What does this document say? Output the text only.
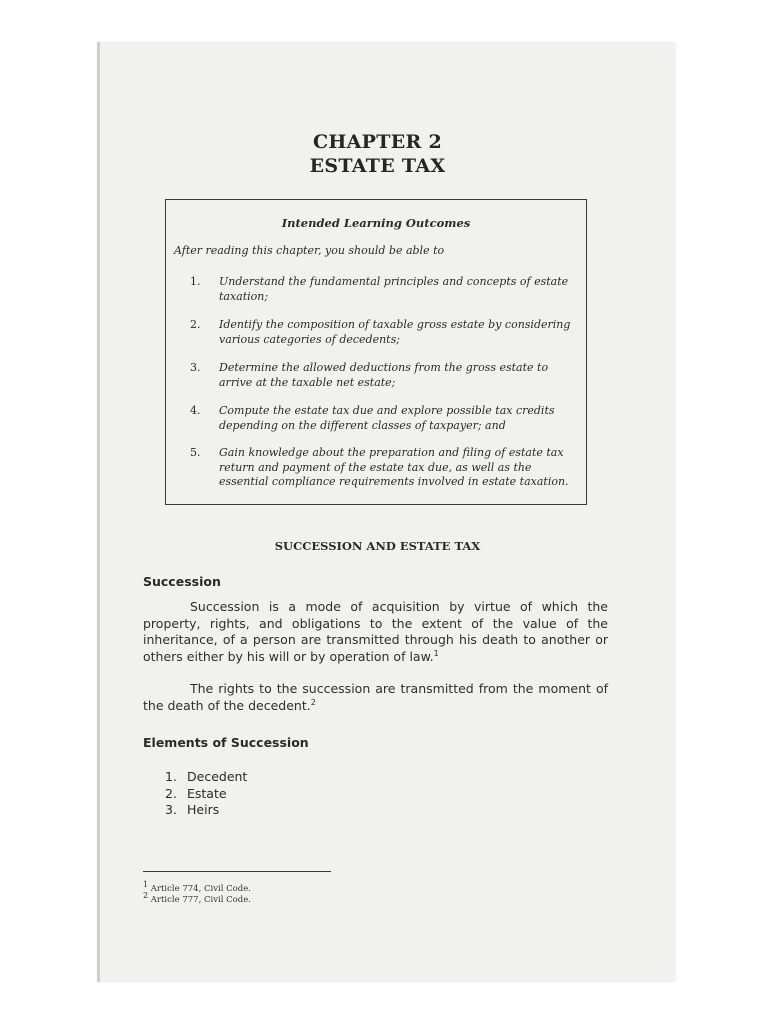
CHAPTER 2
ESTATE TAX
Intended Learning Outcomes
After reading this chapter, you should be able to
1. Understand the fundamental principles and concepts of estate taxation;
2. Identify the composition of taxable gross estate by considering various categories of decedents;
3. Determine the allowed deductions from the gross estate to arrive at the taxable net estate;
4. Compute the estate tax due and explore possible tax credits depending on the different classes of taxpayer; and
5. Gain knowledge about the preparation and filing of estate tax return and payment of the estate tax due, as well as the essential compliance requirements involved in estate taxation.
SUCCESSION AND ESTATE TAX
Succession
Succession is a mode of acquisition by virtue of which the property, rights, and obligations to the extent of the value of the inheritance, of a person are transmitted through his death to another or others either by his will or by operation of law.$^1$
The rights to the succession are transmitted from the moment of the death of the decedent.$^2$
Elements of Succession
1. Decedent
2. Estate
3. Heirs
$^1$ Article 774, Civil Code.
$^2$ Article 777, Civil Code.
